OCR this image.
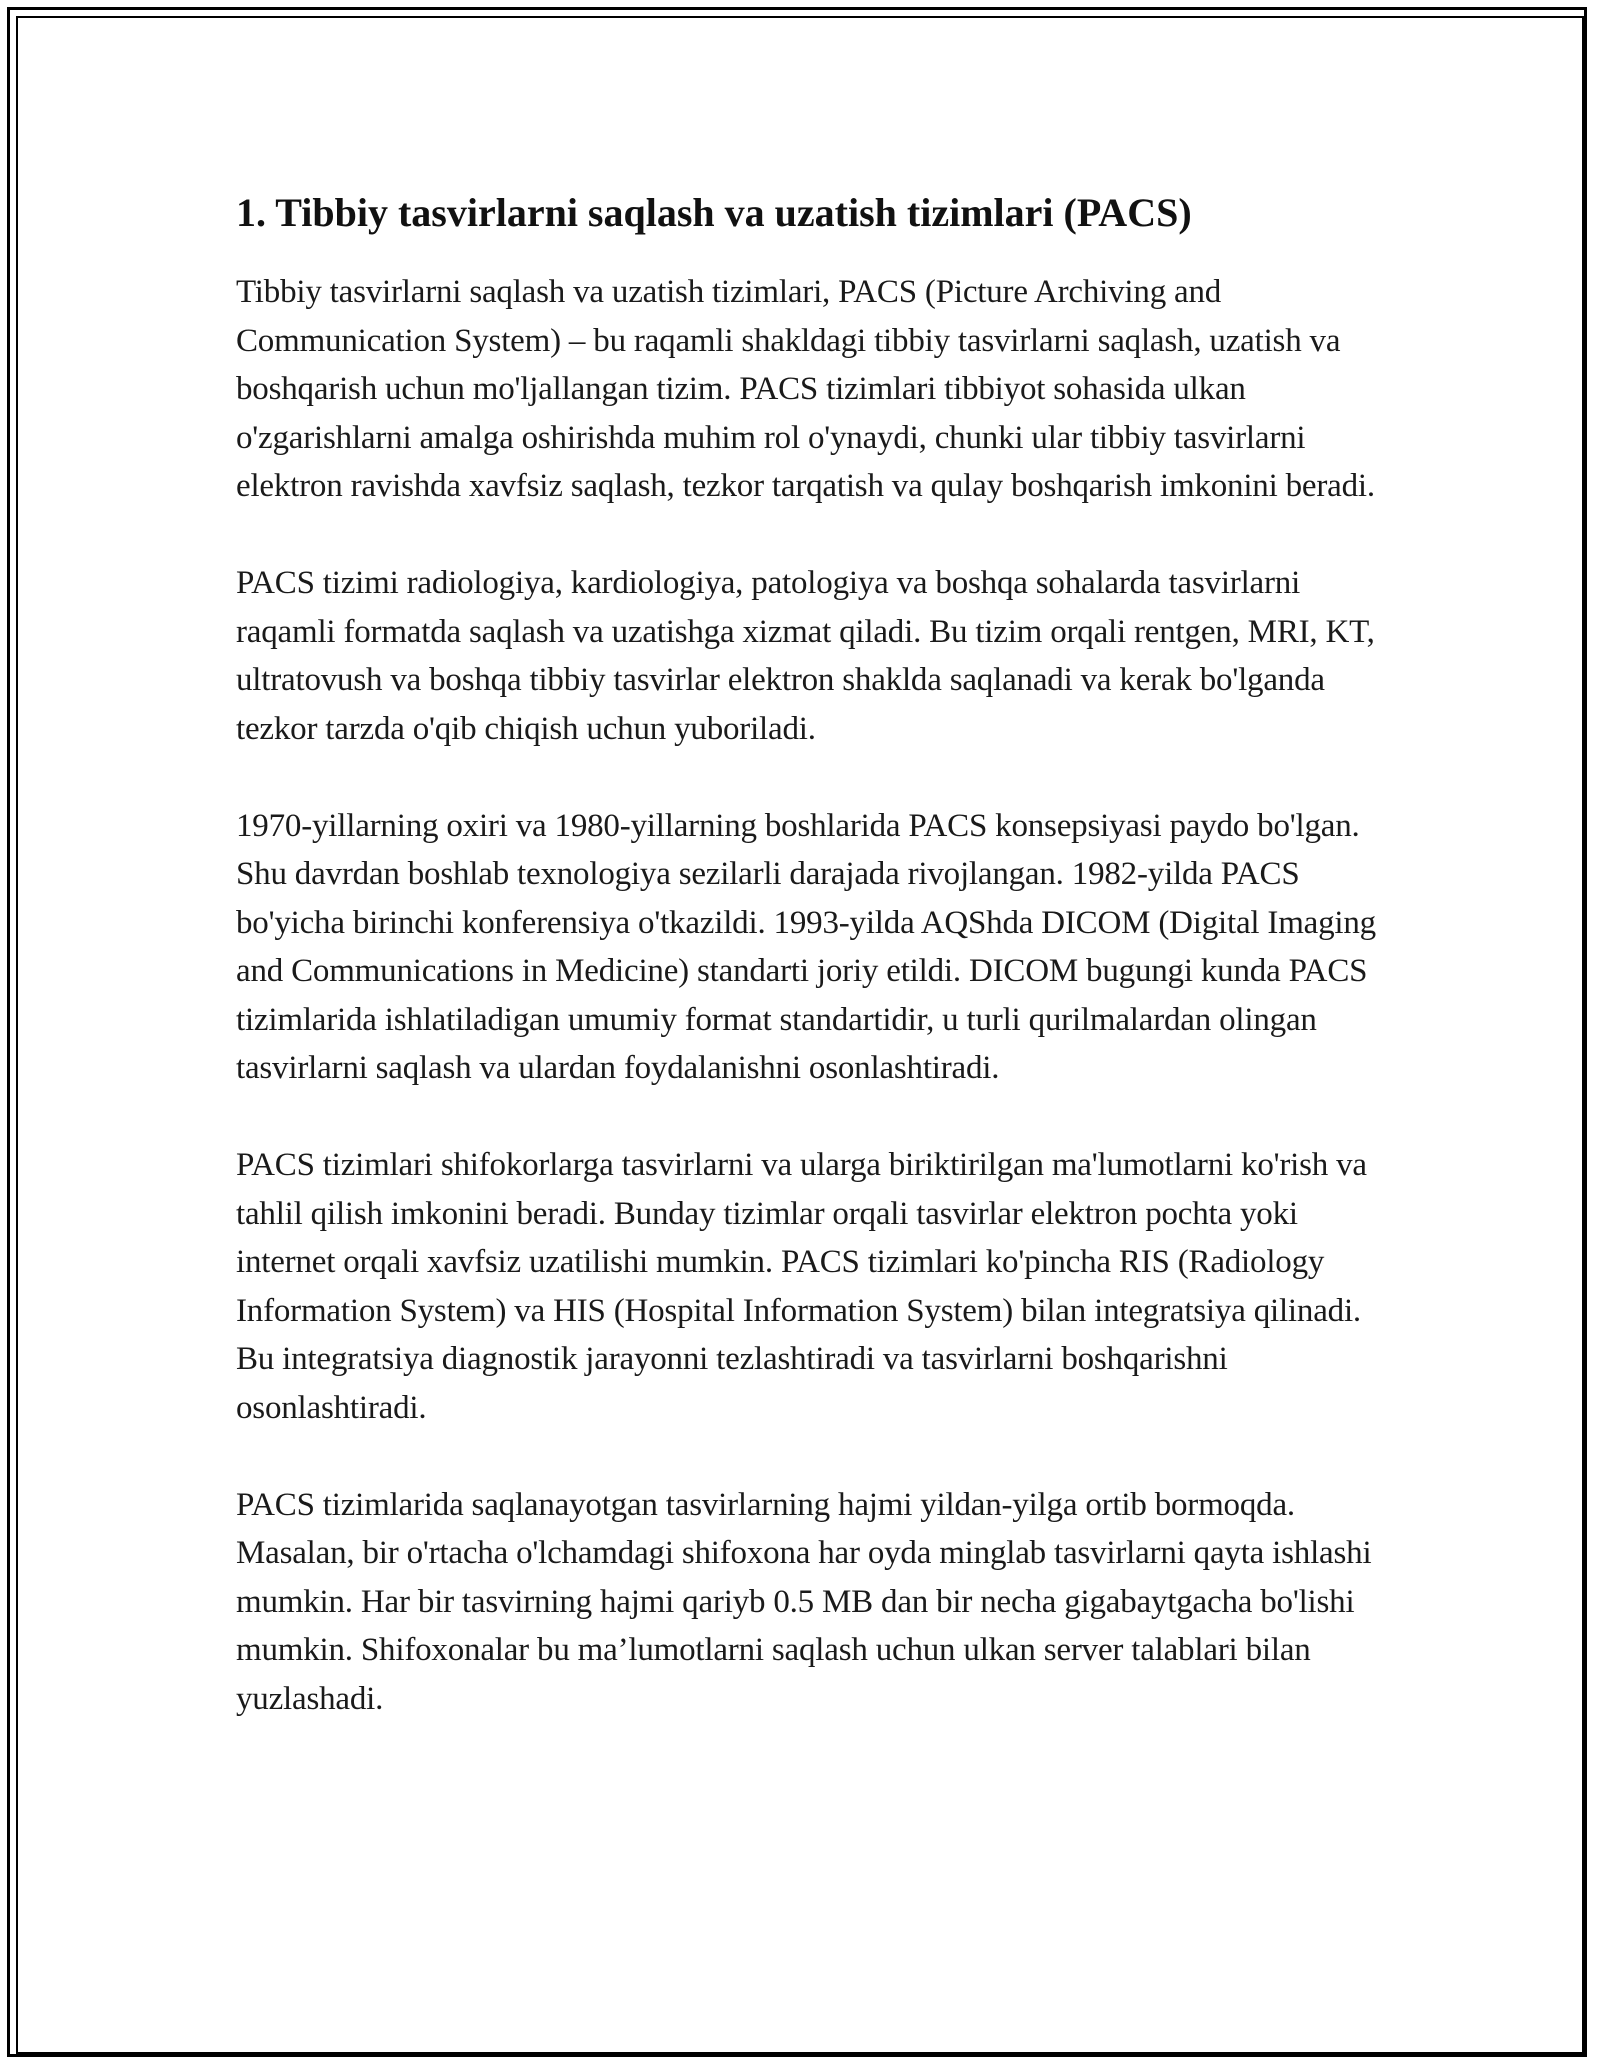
1. Tibbiy tasvirlarni saqlash va uzatish tizimlari (PACS)

Tibbiy tasvirlarni saqlash va uzatish tizimlari, PACS (Picture Archiving and Communication System) – bu raqamli shakldagi tibbiy tasvirlarni saqlash, uzatish va boshqarish uchun mo'ljallangan tizim. PACS tizimlari tibbiyot sohasida ulkan o'zgarishlarni amalga oshirishda muhim rol o'ynaydi, chunki ular tibbiy tasvirlarni elektron ravishda xavfsiz saqlash, tezkor tarqatish va qulay boshqarish imkonini beradi.

PACS tizimi radiologiya, kardiologiya, patologiya va boshqa sohalarda tasvirlarni raqamli formatda saqlash va uzatishga xizmat qiladi. Bu tizim orqali rentgen, MRI, KT, ultratovush va boshqa tibbiy tasvirlar elektron shaklda saqlanadi va kerak bo'lganda tezkor tarzda o'qib chiqish uchun yuboriladi.

1970-yillarning oxiri va 1980-yillarning boshlarida PACS konsepsiyasi paydo bo'lgan. Shu davrdan boshlab texnologiya sezilarli darajada rivojlangan. 1982-yilda PACS bo'yicha birinchi konferensiya o'tkazildi. 1993-yilda AQShda DICOM (Digital Imaging and Communications in Medicine) standarti joriy etildi. DICOM bugungi kunda PACS tizimlarida ishlatiladigan umumiy format standartidir, u turli qurilmalardan olingan tasvirlarni saqlash va ulardan foydalanishni osonlashtiradi.

PACS tizimlari shifokorlarga tasvirlarni va ularga biriktirilgan ma'lumotlarni ko'rish va tahlil qilish imkonini beradi. Bunday tizimlar orqali tasvirlar elektron pochta yoki internet orqali xavfsiz uzatilishi mumkin. PACS tizimlari ko'pincha RIS (Radiology Information System) va HIS (Hospital Information System) bilan integratsiya qilinadi. Bu integratsiya diagnostik jarayonni tezlashtiradi va tasvirlarni boshqarishni osonlashtiradi.

PACS tizimlarida saqlanayotgan tasvirlarning hajmi yildan-yilga ortib bormoqda. Masalan, bir o'rtacha o'lchamdagi shifoxona har oyda minglab tasvirlarni qayta ishlashi mumkin. Har bir tasvirning hajmi qariyb 0.5 MB dan bir necha gigabaytgacha bo'lishi mumkin. Shifoxonalar bu ma’lumotlarni saqlash uchun ulkan server talablari bilan yuzlashadi.
